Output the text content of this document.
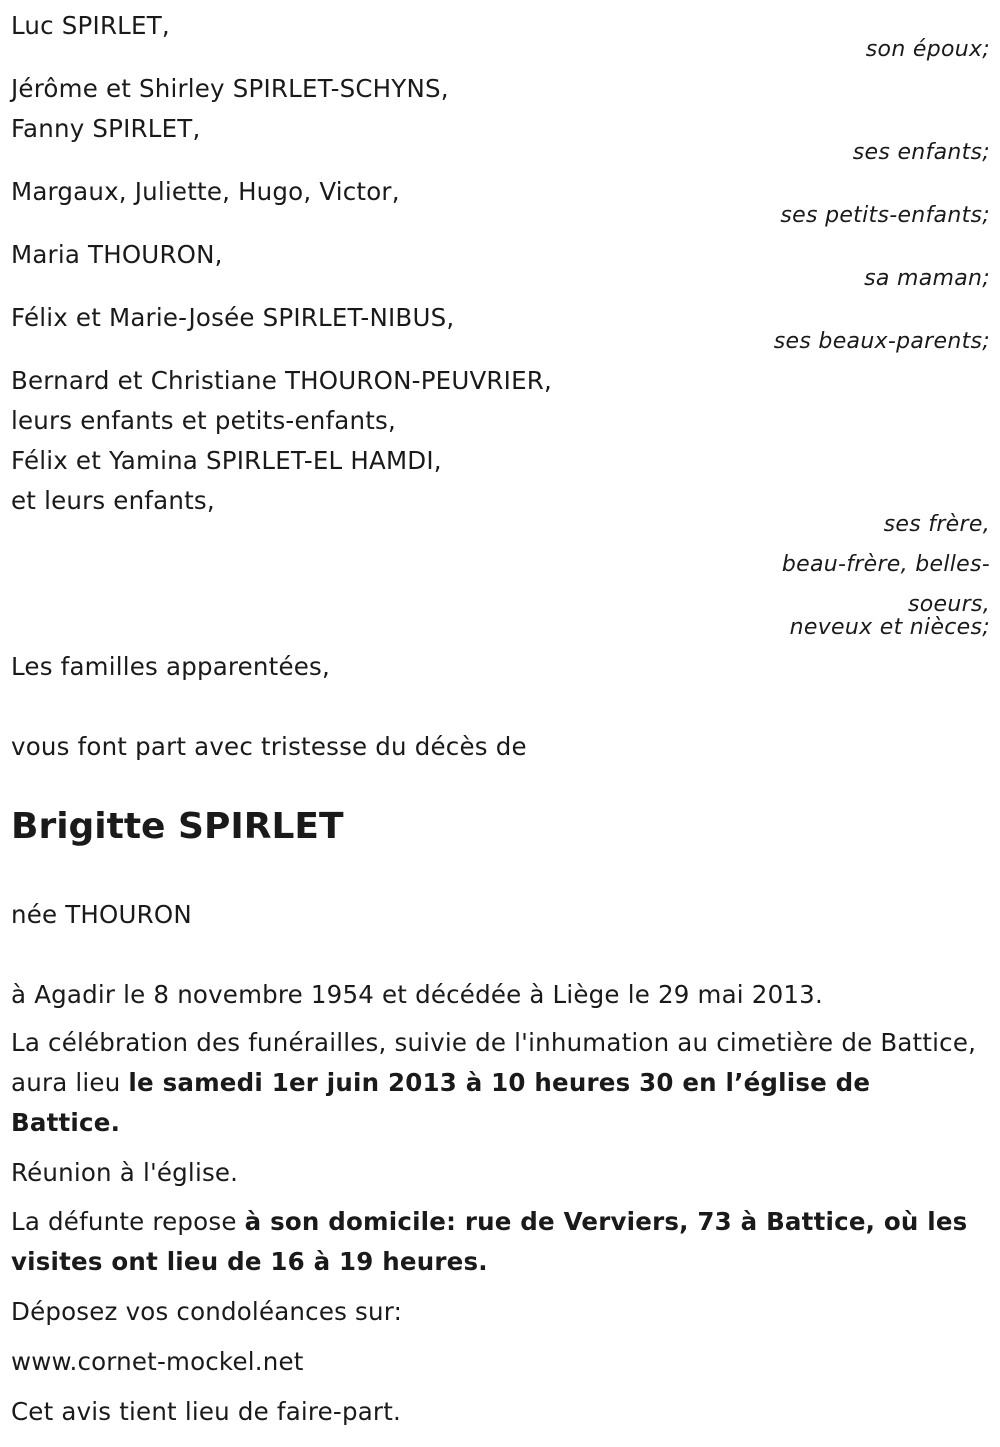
Luc SPIRLET,
son époux;
Jérôme et Shirley SPIRLET-SCHYNS,
Fanny SPIRLET,
ses enfants;
Margaux, Juliette, Hugo, Victor,
ses petits-enfants;
Maria THOURON,
sa maman;
Félix et Marie-Josée SPIRLET-NIBUS,
ses beaux-parents;
Bernard et Christiane THOURON-PEUVRIER,
leurs enfants et petits-enfants,
Félix et Yamina SPIRLET-EL HAMDI,
et leurs enfants,
ses frère,
beau-frère, belles-
soeurs,
neveux et nièces;
Les familles apparentées,
vous font part avec tristesse du décès de
Brigitte SPIRLET
née THOURON
à Agadir le 8 novembre 1954 et décédée à Liège le 29 mai 2013.
La célébration des funérailles, suivie de l'inhumation au cimetière de Battice, aura lieu le samedi 1er juin 2013 à 10 heures 30 en l’église de Battice.
Réunion à l'église.
La défunte repose à son domicile: rue de Verviers, 73 à Battice, où les visites ont lieu de 16 à 19 heures.
Déposez vos condoléances sur:
www.cornet-mockel.net
Cet avis tient lieu de faire-part.
